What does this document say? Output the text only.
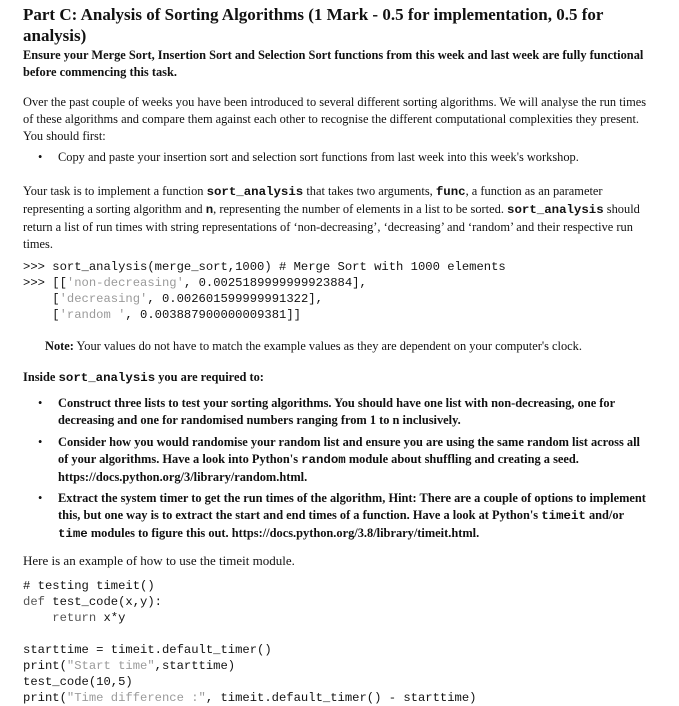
Part C: Analysis of Sorting Algorithms (1 Mark - 0.5 for implementation, 0.5 for analysis)
Ensure your Merge Sort, Insertion Sort and Selection Sort functions from this week and last week are fully functional before commencing this task.
Over the past couple of weeks you have been introduced to several different sorting algorithms. We will analyse the run times of these algorithms and compare them against each other to recognise the different computational complexities they present. You should first:
• Copy and paste your insertion sort and selection sort functions from last week into this week's workshop.
Your task is to implement a function sort_analysis that takes two arguments, func, a function as an parameter representing a sorting algorithm and n, representing the number of elements in a list to be sorted. sort_analysis should return a list of run times with string representations of ‘non-decreasing’, ‘decreasing’ and ‘random’ and their respective run times.
>>> sort_analysis(merge_sort,1000) # Merge Sort with 1000 elements
>>> [['non-decreasing', 0.0025189999999923884],
['decreasing', 0.002601599999991322],
['random ', 0.003887900000009381]]
Note: Your values do not have to match the example values as they are dependent on your computer's clock.
Inside sort_analysis you are required to:
• Construct three lists to test your sorting algorithms. You should have one list with non-decreasing, one for decreasing and one for randomised numbers ranging from 1 to n inclusively.
• Consider how you would randomise your random list and ensure you are using the same random list across all of your algorithms. Have a look into Python's random module about shuffling and creating a seed. https://docs.python.org/3/library/random.html.
• Extract the system timer to get the run times of the algorithm, Hint: There are a couple of options to implement this, but one way is to extract the start and end times of a function. Have a look at Python's timeit and/or time modules to figure this out. https://docs.python.org/3.8/library/timeit.html.
Here is an example of how to use the timeit module.
# testing timeit()
def test_code(x,y):
return x*y

starttime = timeit.default_timer()
print("Start time",starttime)
test_code(10,5)
print("Time difference :", timeit.default_timer() - starttime)
